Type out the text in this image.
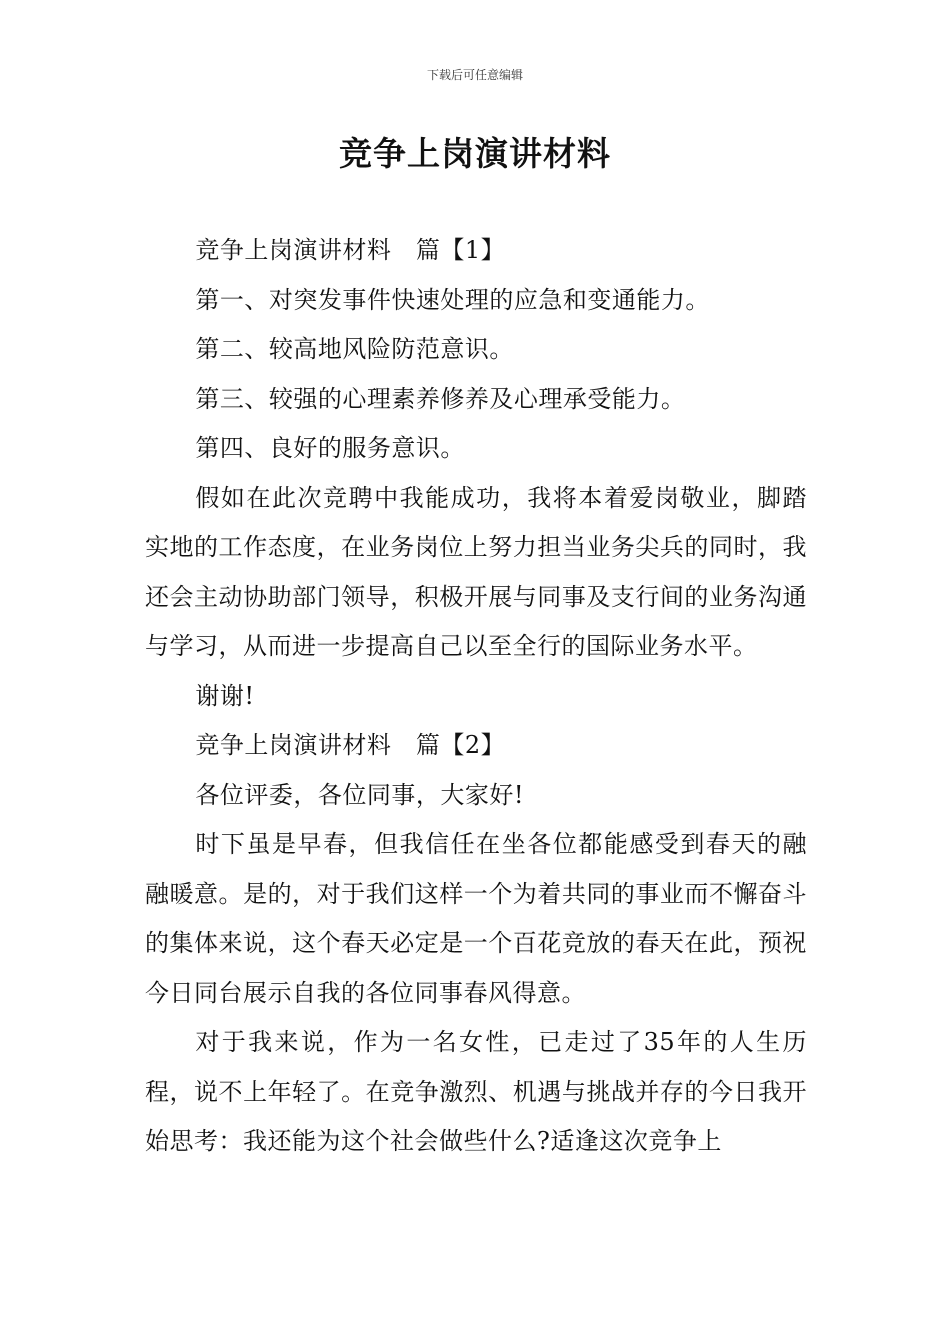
下载后可任意编辑
竞争上岗演讲材料

竞争上岗演讲材料　篇【1】

第一、对突发事件快速处理的应急和变通能力。

第二、较高地风险防范意识。

第三、较强的心理素养修养及心理承受能力。

第四、良好的服务意识。

假如在此次竞聘中我能成功，我将本着爱岗敬业，脚踏实地的工作态度，在业务岗位上努力担当业务尖兵的同时，我还会主动协助部门领导，积极开展与同事及支行间的业务沟通与学习，从而进一步提高自己以至全行的国际业务水平。

谢谢!

竞争上岗演讲材料　篇【2】

各位评委，各位同事，大家好!

时下虽是早春，但我信任在坐各位都能感受到春天的融融暖意。是的，对于我们这样一个为着共同的事业而不懈奋斗的集体来说，这个春天必定是一个百花竞放的春天在此，预祝今日同台展示自我的各位同事春风得意。

对于我来说，作为一名女性，已走过了35年的人生历程，说不上年轻了。在竞争激烈、机遇与挑战并存的今日我开始思考：我还能为这个社会做些什么?适逢这次竞争上
